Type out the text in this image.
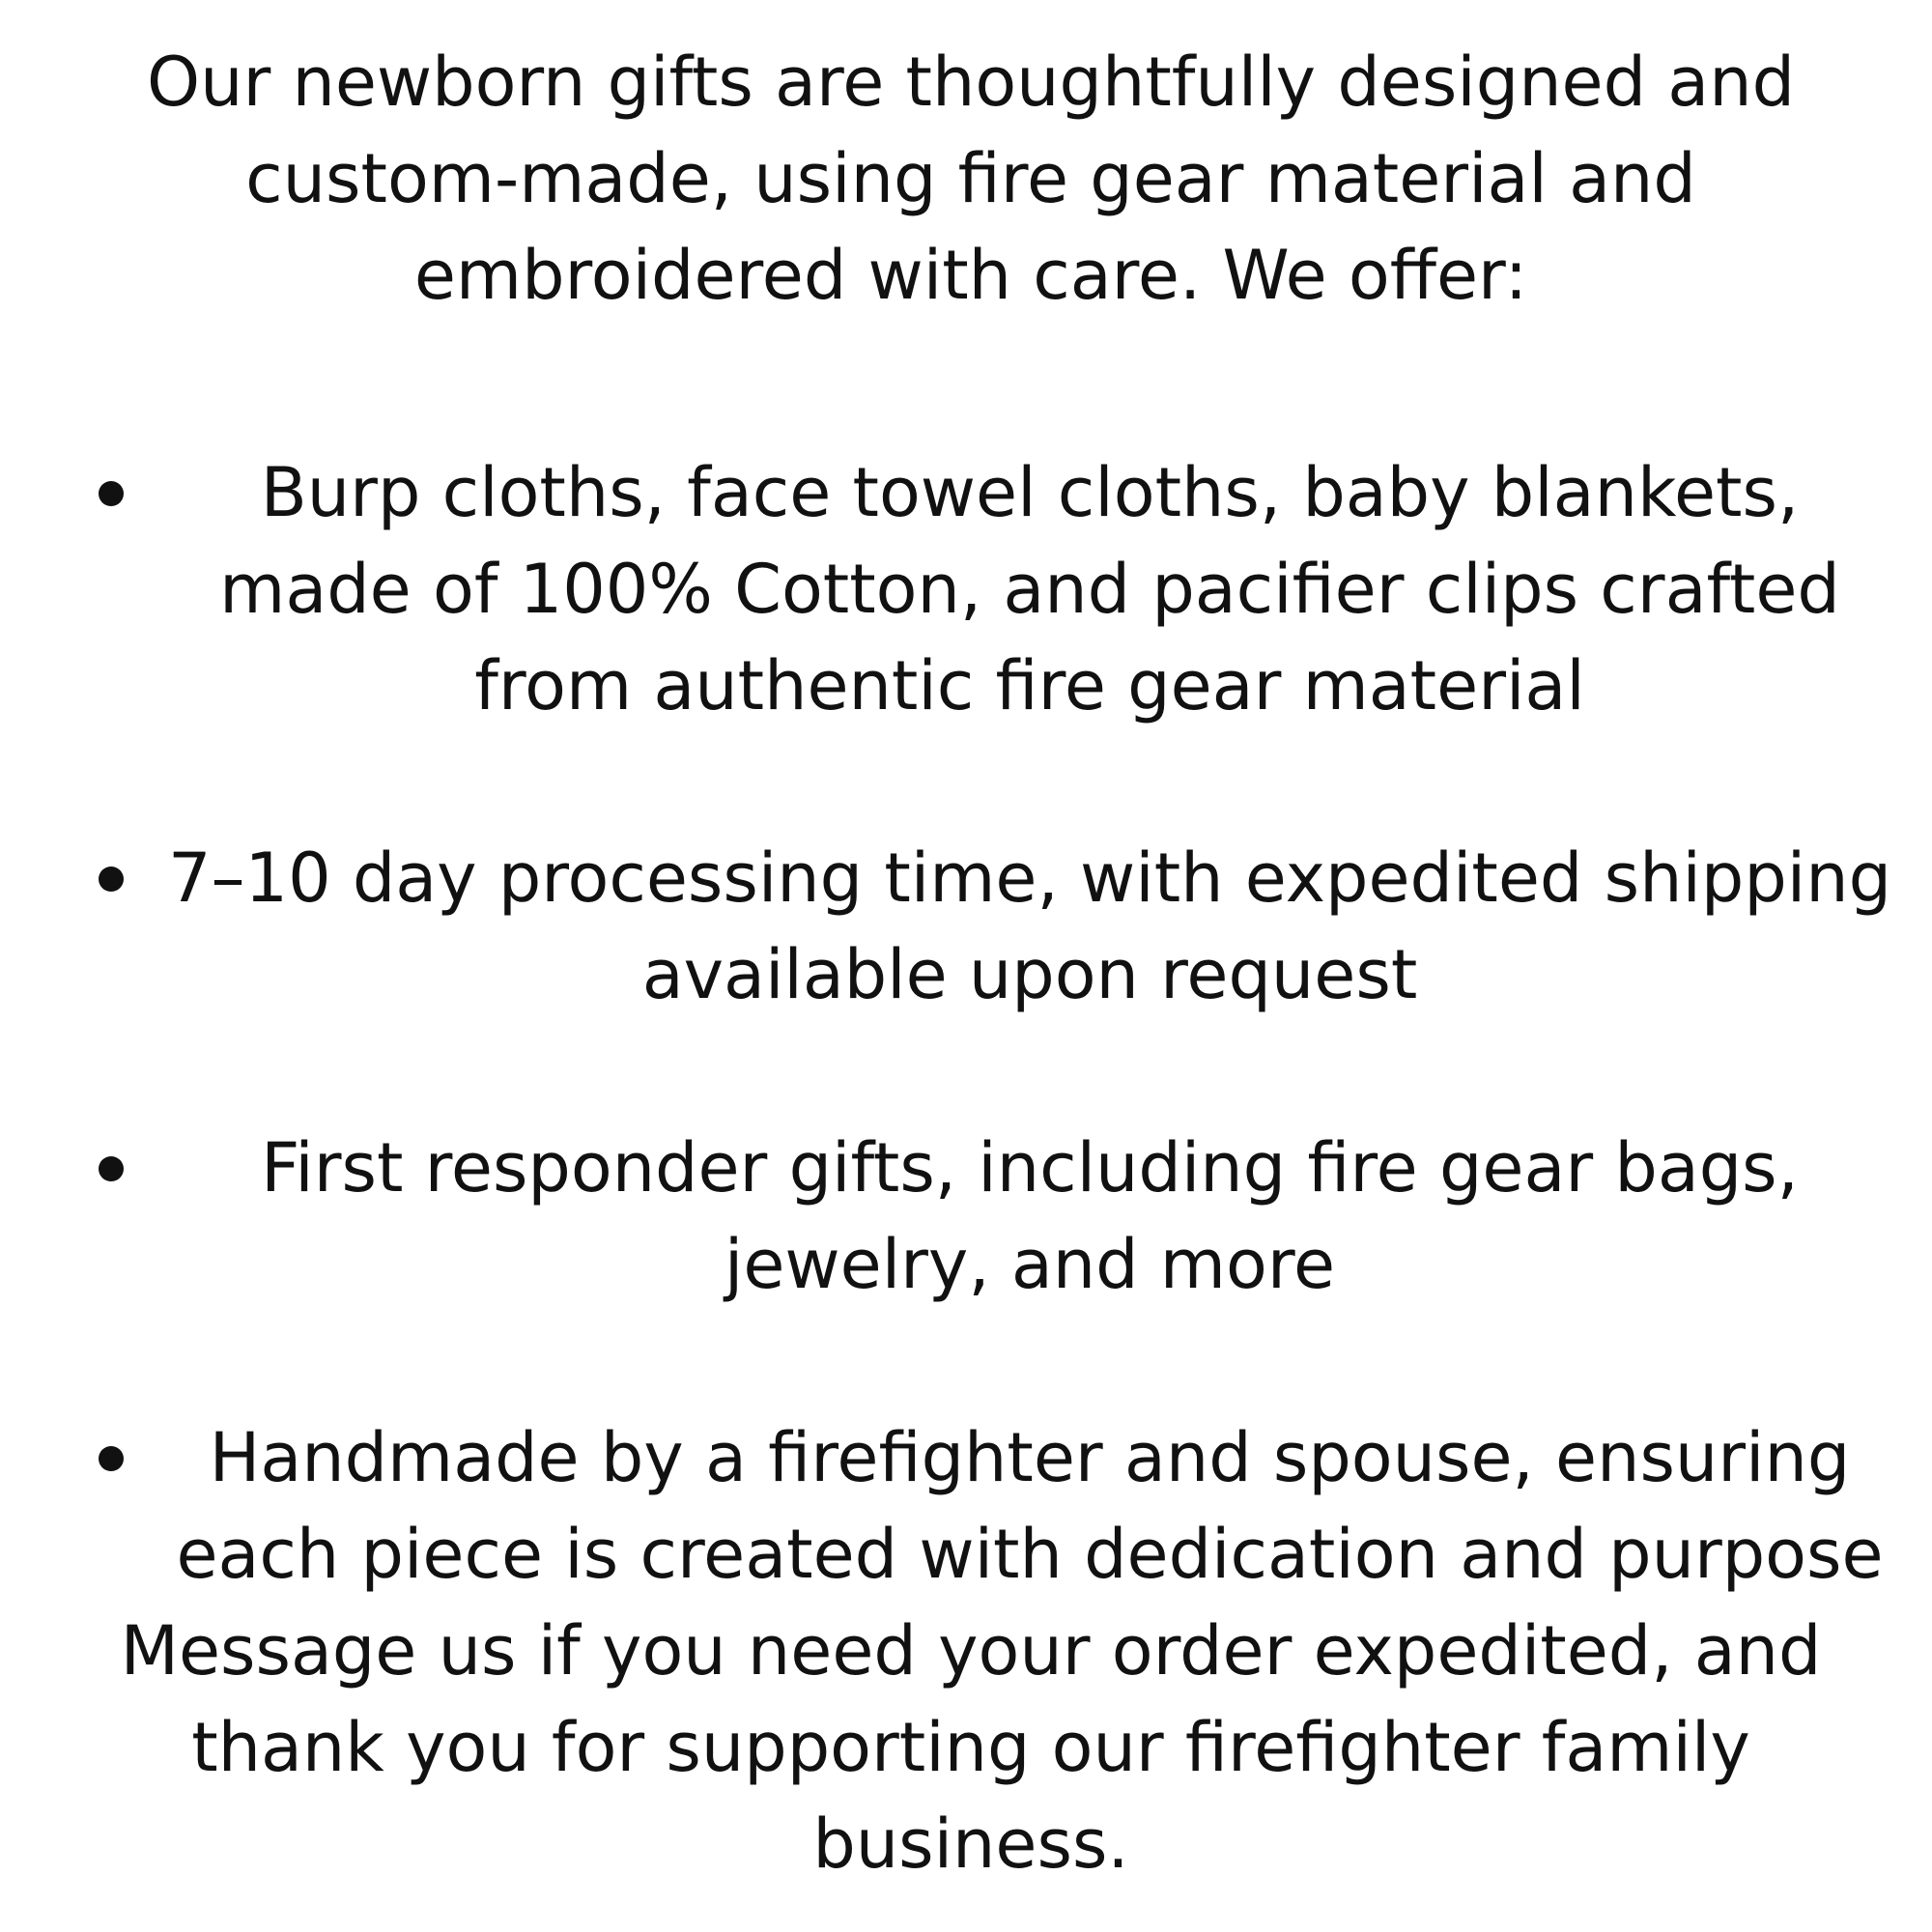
Our newborn gifts are thoughtfully designed and
custom-made, using fire gear material and
embroidered with care. We offer:
Burp cloths, face towel cloths, baby blankets,
made of 100% Cotton, and pacifier clips crafted
from authentic fire gear material
7–10 day processing time, with expedited shipping
available upon request
First responder gifts, including fire gear bags,
jewelry, and more
Handmade by a firefighter and spouse, ensuring
each piece is created with dedication and purpose
Message us if you need your order expedited, and
thank you for supporting our firefighter family
business.
